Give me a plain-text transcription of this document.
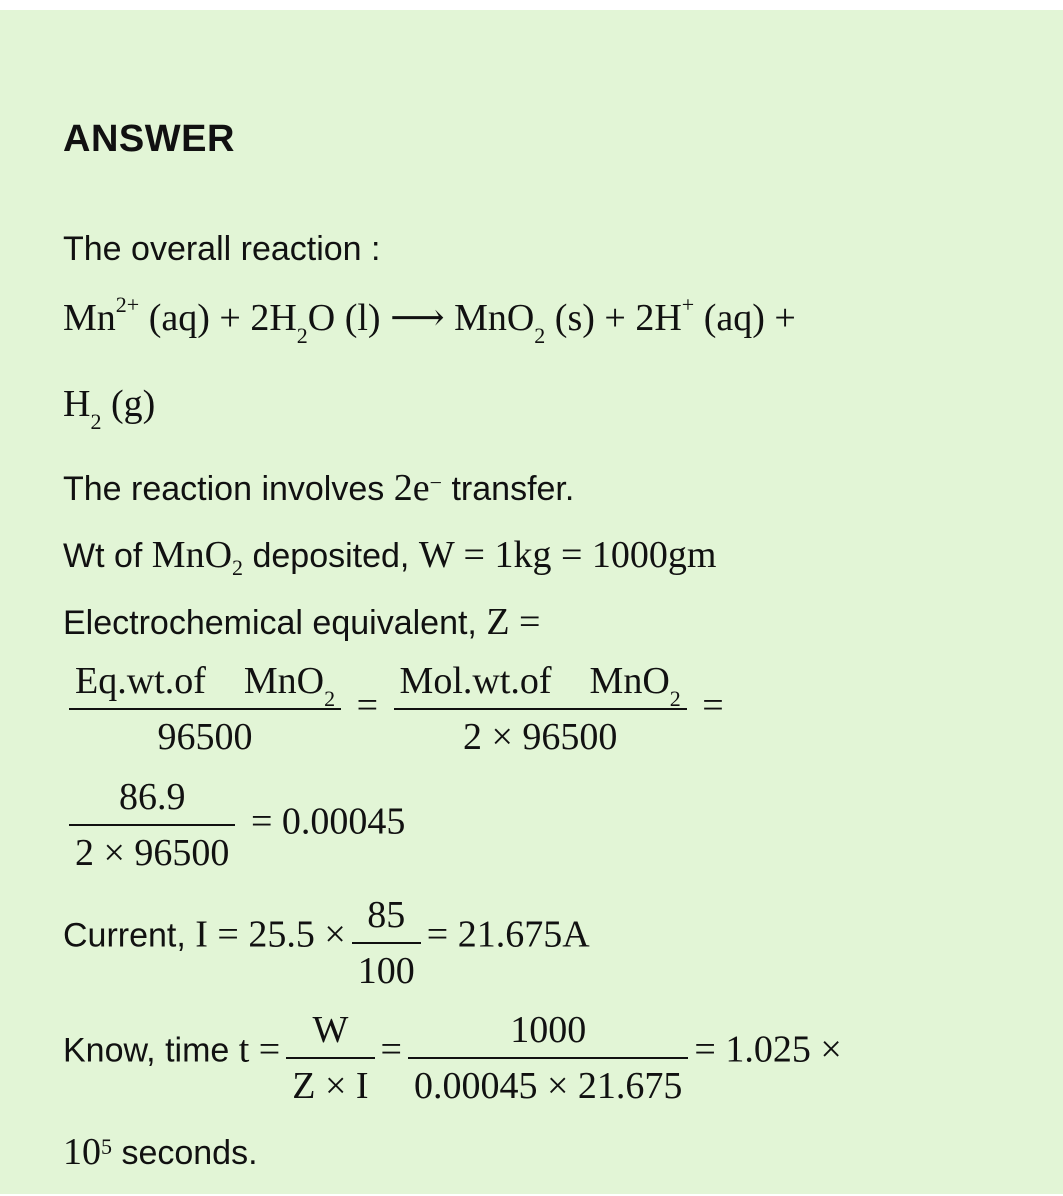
ANSWER
The overall reaction :
$Mn^{2+}$ $(aq) + 2H_2O$ (l) ⟶ MnO$_2$ (s) + 2H+ (aq) +
$H_2$ (g)
The reaction involves 2e− transfer.
Wt of MnO$_2$ deposited, W = 1kg = 1000gm
Electrochemical equivalent, Z =
$\frac{Eq.wt.of MnO_2}{96500} = \frac{Mol.wt.of MnO_2}{2 \times 96500}$ =
$\frac{86.9}{2 \times 96500} = 0.00045$
Current, $I = 25.5 \times \frac{85}{100} = 21.675A$
Know, time $t = \frac{W}{Z \times I} = \frac{1000}{0.00045 \times 21.675} = 1.025$ ×
$10^5$ seconds.
